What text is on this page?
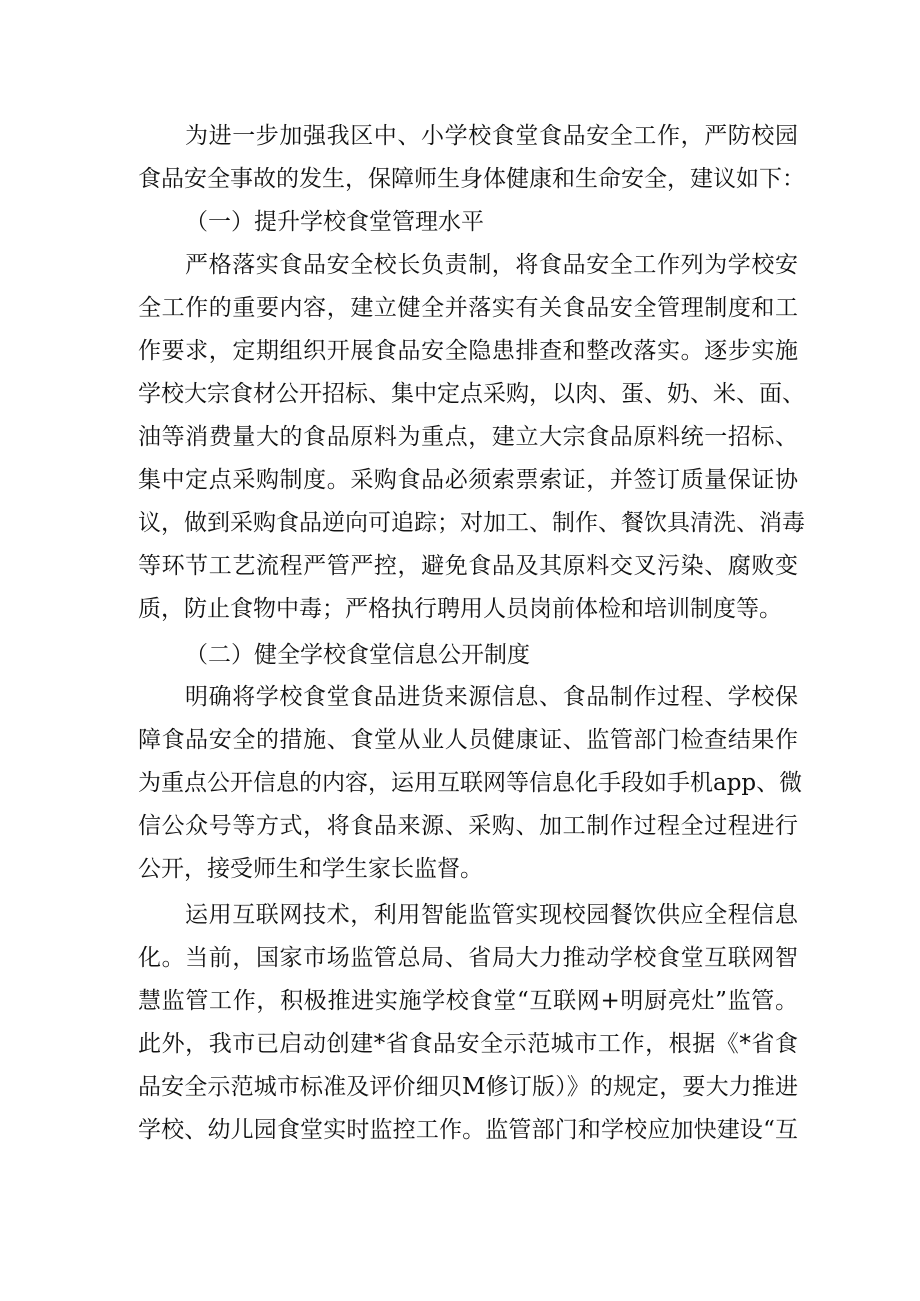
为进一步加强我区中、小学校食堂食品安全工作，严防校园
食品安全事故的发生，保障师生身体健康和生命安全，建议如下：
（一）提升学校食堂管理水平
严格落实食品安全校长负责制，将食品安全工作列为学校安
全工作的重要内容，建立健全并落实有关食品安全管理制度和工
作要求，定期组织开展食品安全隐患排查和整改落实。逐步实施
学校大宗食材公开招标、集中定点采购，以肉、蛋、奶、米、面、
油等消费量大的食品原料为重点，建立大宗食品原料统一招标、
集中定点采购制度。采购食品必须索票索证，并签订质量保证协
议，做到采购食品逆向可追踪；对加工、制作、餐饮具清洗、消毒
等环节工艺流程严管严控，避免食品及其原料交叉污染、腐败变
质，防止食物中毒；严格执行聘用人员岗前体检和培训制度等。
（二）健全学校食堂信息公开制度
明确将学校食堂食品进货来源信息、食品制作过程、学校保
障食品安全的措施、食堂从业人员健康证、监管部门检查结果作
为重点公开信息的内容，运用互联网等信息化手段如手机app、微
信公众号等方式，将食品来源、采购、加工制作过程全过程进行
公开，接受师生和学生家长监督。
运用互联网技术，利用智能监管实现校园餐饮供应全程信息
化。当前，国家市场监管总局、省局大力推动学校食堂互联网智
慧监管工作，积极推进实施学校食堂“互联网+明厨亮灶”监管。
此外，我市已启动创建*省食品安全示范城市工作，根据《*省食
品安全示范城市标准及评价细贝M修订版）》的规定，要大力推进
学校、幼儿园食堂实时监控工作。监管部门和学校应加快建设“互
